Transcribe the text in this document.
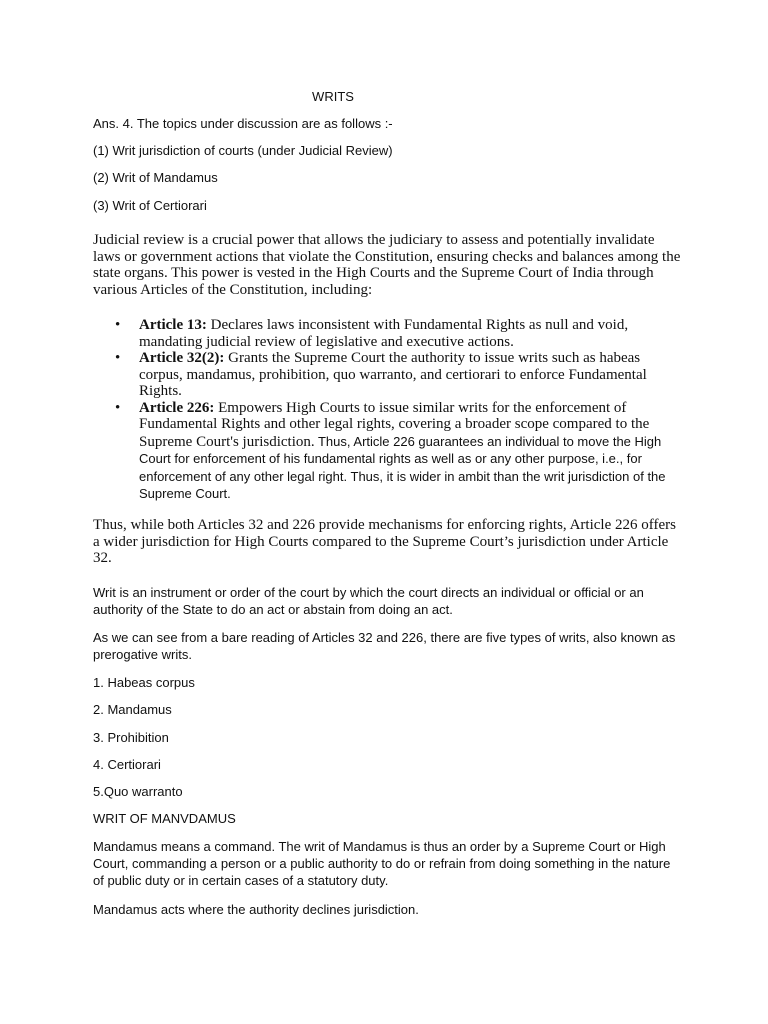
WRITS

Ans. 4. The topics under discussion are as follows :-

(1) Writ jurisdiction of courts (under Judicial Review)

(2) Writ of Mandamus

(3) Writ of Certiorari

Judicial review is a crucial power that allows the judiciary to assess and potentially invalidate laws or government actions that violate the Constitution, ensuring checks and balances among the state organs. This power is vested in the High Courts and the Supreme Court of India through various Articles of the Constitution, including:

• Article 13: Declares laws inconsistent with Fundamental Rights as null and void, mandating judicial review of legislative and executive actions.
• Article 32(2): Grants the Supreme Court the authority to issue writs such as habeas corpus, mandamus, prohibition, quo warranto, and certiorari to enforce Fundamental Rights.
• Article 226: Empowers High Courts to issue similar writs for the enforcement of Fundamental Rights and other legal rights, covering a broader scope compared to the Supreme Court's jurisdiction. Thus, Article 226 guarantees an individual to move the High Court for enforcement of his fundamental rights as well as or any other purpose, i.e., for enforcement of any other legal right. Thus, it is wider in ambit than the writ jurisdiction of the Supreme Court.

Thus, while both Articles 32 and 226 provide mechanisms for enforcing rights, Article 226 offers a wider jurisdiction for High Courts compared to the Supreme Court’s jurisdiction under Article 32.

Writ is an instrument or order of the court by which the court directs an individual or official or an authority of the State to do an act or abstain from doing an act.

As we can see from a bare reading of Articles 32 and 226, there are five types of writs, also known as prerogative writs.

1. Habeas corpus

2. Mandamus

3. Prohibition

4. Certiorari

5.Quo warranto

WRIT OF MANVDAMUS

Mandamus means a command. The writ of Mandamus is thus an order by a Supreme Court or High Court, commanding a person or a public authority to do or refrain from doing something in the nature of public duty or in certain cases of a statutory duty.

Mandamus acts where the authority declines jurisdiction.
